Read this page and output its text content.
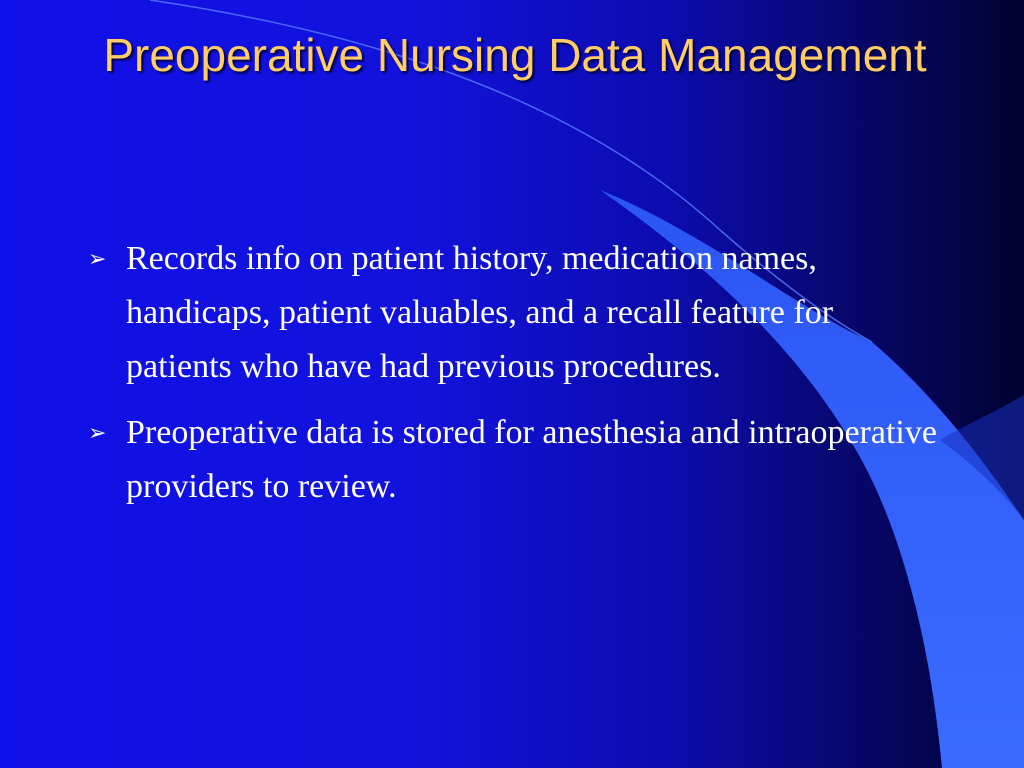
Preoperative Nursing Data Management
➢ Records info on patient history, medication names, handicaps, patient valuables, and a recall feature for patients who have had previous procedures.
➢ Preoperative data is stored for anesthesia and intraoperative providers to review.
